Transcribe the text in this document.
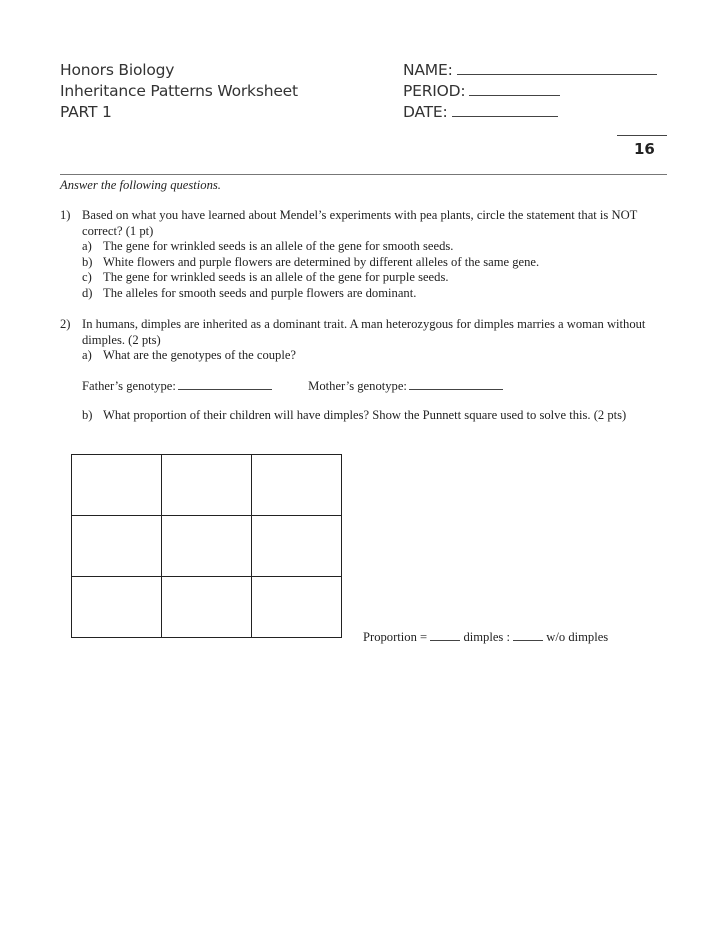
Honors Biology
Inheritance Patterns Worksheet
PART 1
NAME:
PERIOD:
DATE:
16
Answer the following questions.
1) Based on what you have learned about Mendel’s experiments with pea plants, circle the statement that is NOT correct? (1 pt)
a) The gene for wrinkled seeds is an allele of the gene for smooth seeds.
b) White flowers and purple flowers are determined by different alleles of the same gene.
c) The gene for wrinkled seeds is an allele of the gene for purple seeds.
d) The alleles for smooth seeds and purple flowers are dominant.
2) In humans, dimples are inherited as a dominant trait. A man heterozygous for dimples marries a woman without dimples. (2 pts)
a) What are the genotypes of the couple?
Father’s genotype:	Mother’s genotype:
b) What proportion of their children will have dimples? Show the Punnett square used to solve this. (2 pts)

Proportion =	dimples :	w/o dimples
